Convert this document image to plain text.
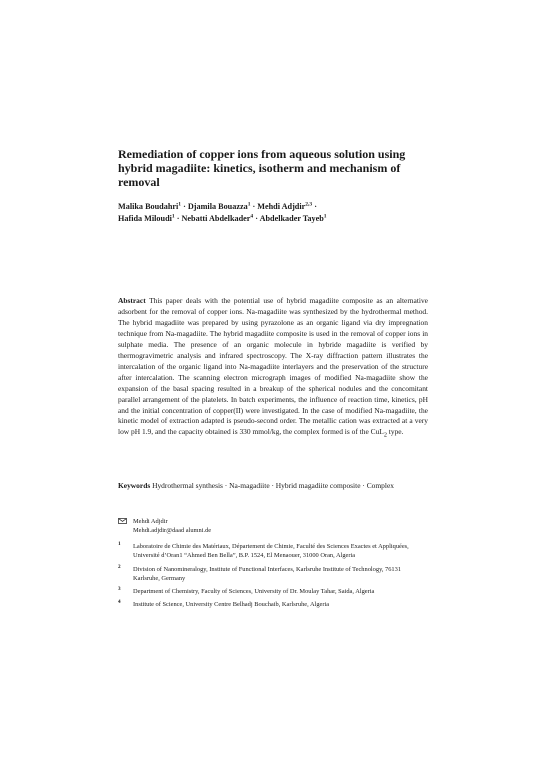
Remediation of copper ions from aqueous solution using hybrid magadiite: kinetics, isotherm and mechanism of removal
Malika Boudahri$^1$ · Djamila Bouazza$^1$ · Mehdi Adjdir$^{2,3}$ ·
Hafida Miloudi$^1$ · Nebatti Abdelkader$^4$ · Abdelkader Tayeb$^1$

Abstract This paper deals with the potential use of hybrid magadiite composite as an alternative adsorbent for the removal of copper ions. Na-magadiite was synthesized by the hydrothermal method. The hybrid magadiite was prepared by using pyrazolone as an organic ligand via dry impregnation technique from Na-magadiite. The hybrid magadiite composite is used in the removal of copper ions in sulphate media. The presence of an organic molecule in hybride magadiite is verified by thermogravimetric analysis and infrared spectroscopy. The X-ray diffraction pattern illustrates the intercalation of the organic ligand into Na-magadiite interlayers and the preservation of the structure after intercalation. The scanning electron micrograph images of modified Na-magadiite show the expansion of the basal spacing resulted in a breakup of the spherical nodules and the concomitant parallel arrangement of the platelets. In batch experiments, the influence of reaction time, kinetics, pH and the initial concentration of copper(II) were investigated. In the case of modified Na-magadiite, the kinetic model of extraction adapted is pseudo-second order. The metallic cation was extracted at a very low pH 1.9, and the capacity obtained is 330 mmol/kg, the complex formed is of the CuL$_2$ type.

Keywords Hydrothermal synthesis · Na-magadiite · Hybrid magadiite composite · Complex

Mehdi Adjdir
Mehdi.adjdir@daad alumni.de
1 Laboratoire de Chimie des Matériaux, Département de Chimie, Faculté des Sciences Exactes et Appliquées, Université d’Oran1 “Ahmed Ben Bella”, B.P. 1524, El Menaouer, 31000 Oran, Algeria
2 Division of Nanomineralogy, Institute of Functional Interfaces, Karlsruhe Institute of Technology, 76131 Karlsruhe, Germany
3 Department of Chemistry, Faculty of Sciences, University of Dr. Moulay Tahar, Saida, Algeria
4 Institute of Science, University Centre Belhadj Bouchaib, Karlsruhe, Algeria
